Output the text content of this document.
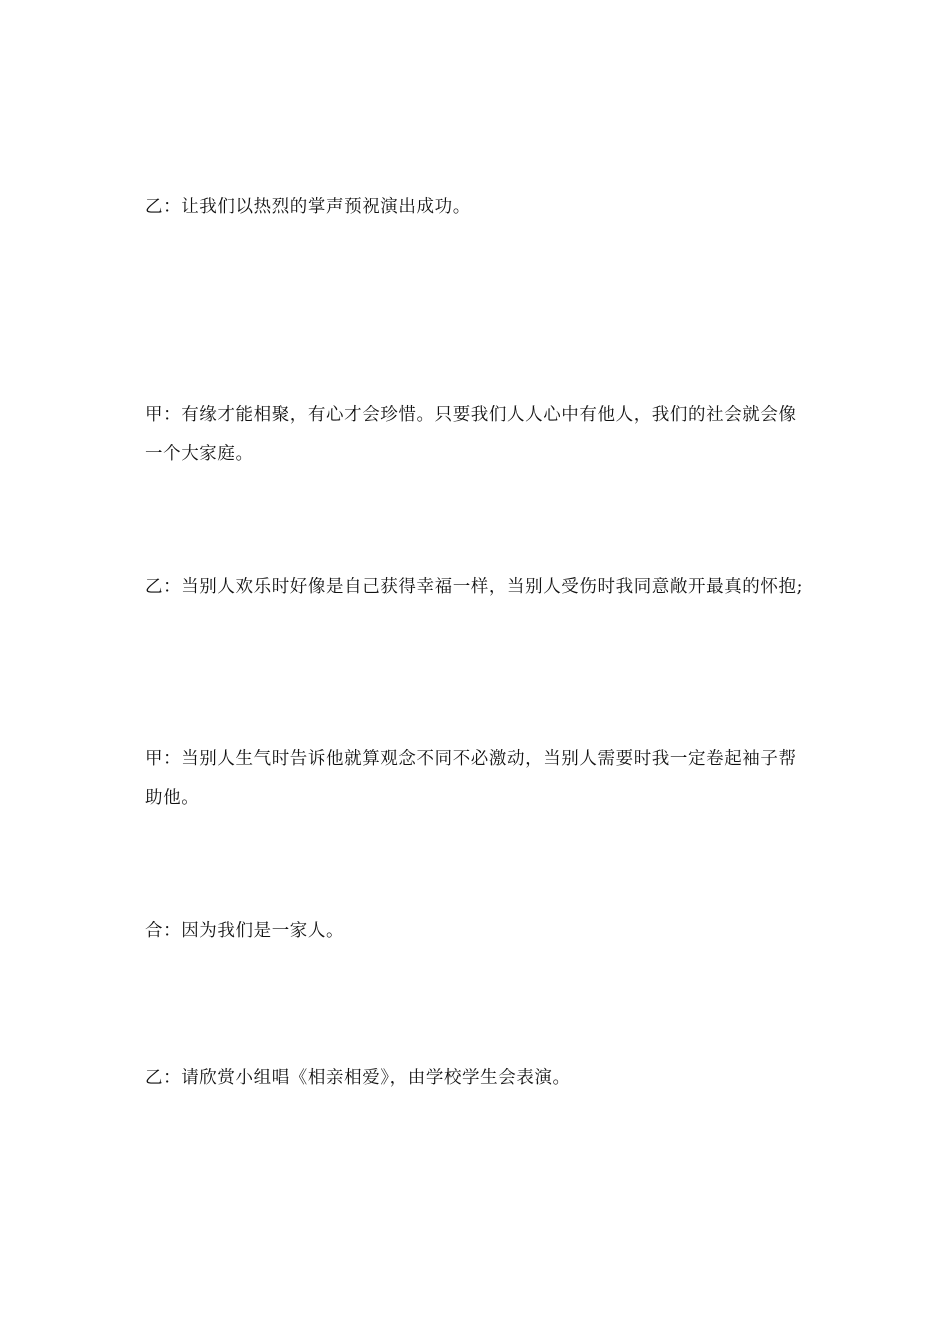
乙：让我们以热烈的掌声预祝演出成功。

甲：有缘才能相聚，有心才会珍惜。只要我们人人心中有他人，我们的社会就会像一个大家庭。

乙：当别人欢乐时好像是自己获得幸福一样，当别人受伤时我同意敞开最真的怀抱;

甲：当别人生气时告诉他就算观念不同不必激动，当别人需要时我一定卷起袖子帮助他。

合：因为我们是一家人。

乙：请欣赏小组唱《相亲相爱》，由学校学生会表演。
